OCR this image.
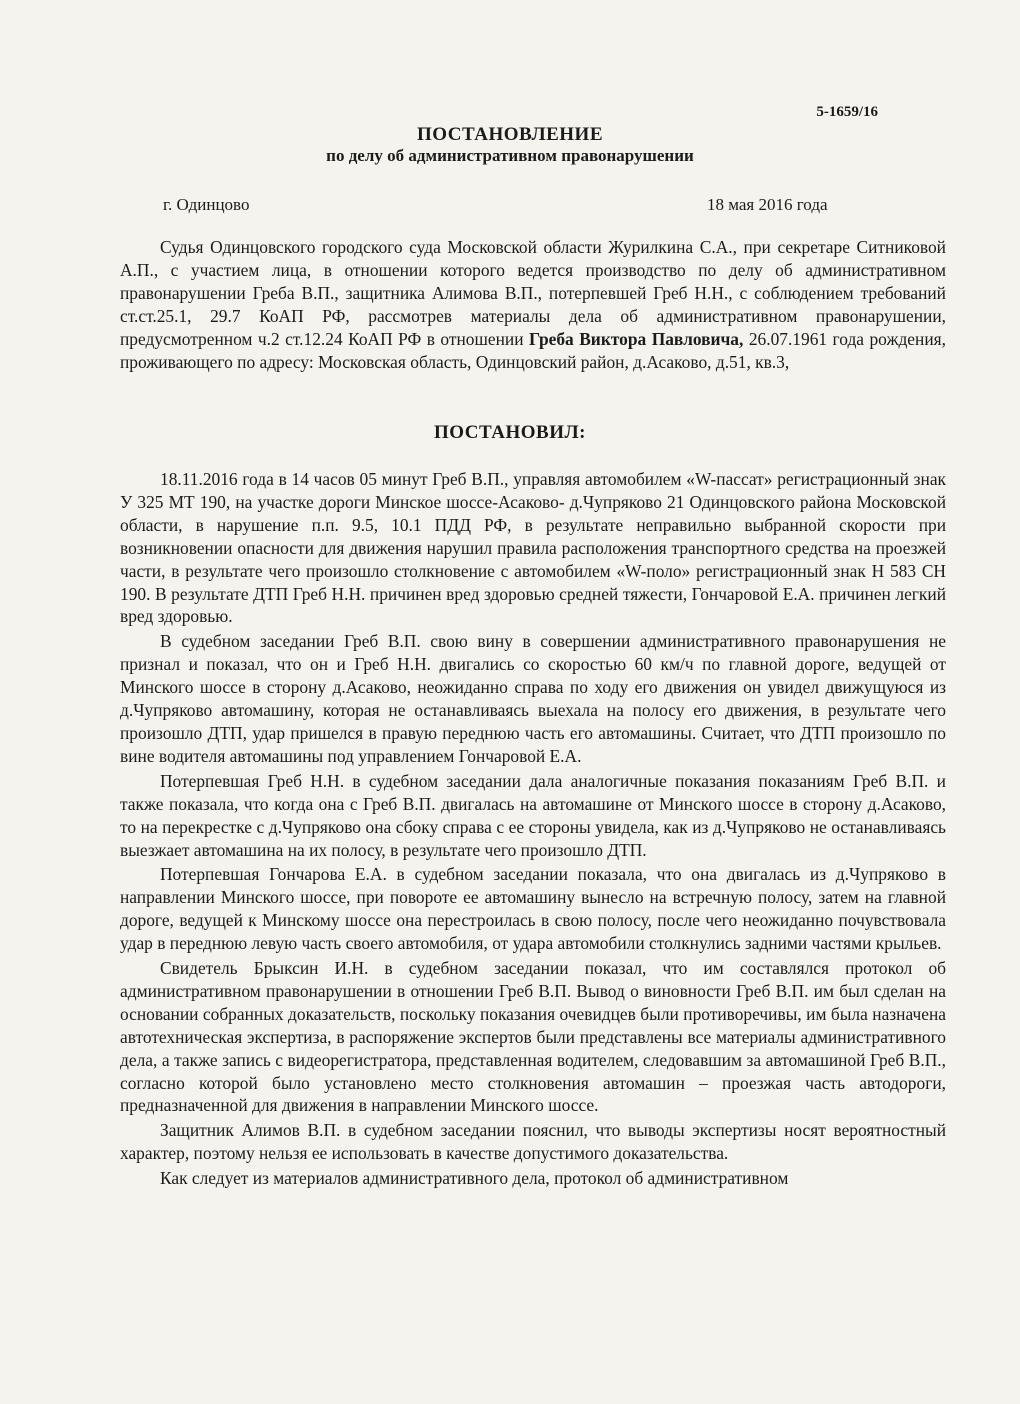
5-1659/16
ПОСТАНОВЛЕНИЕ
по делу об административном правонарушении
г. Одинцово	18 мая 2016 года

Судья Одинцовского городского суда Московской области Журилкина С.А., при секретаре Ситниковой А.П., с участием лица, в отношении которого ведется производство по делу об административном правонарушении Греба В.П., защитника Алимова В.П., потерпевшей Греб Н.Н., с соблюдением требований ст.ст.25.1, 29.7 КоАП РФ, рассмотрев материалы дела об административном правонарушении, предусмотренном ч.2 ст.12.24 КоАП РФ в отношении Греба Виктора Павловича, 26.07.1961 года рождения, проживающего по адресу: Московская область, Одинцовский район, д.Асаково, д.51, кв.3,

ПОСТАНОВИЛ:

18.11.2016 года в 14 часов 05 минут Греб В.П., управляя автомобилем «W-пассат» регистрационный знак У 325 МТ 190, на участке дороги Минское шоссе-Асаково- д.Чупряково 21 Одинцовского района Московской области, в нарушение п.п. 9.5, 10.1 ПДД РФ, в результате неправильно выбранной скорости при возникновении опасности для движения нарушил правила расположения транспортного средства на проезжей части, в результате чего произошло столкновение с автомобилем «W-поло» регистрационный знак Н 583 СН 190. В результате ДТП Греб Н.Н. причинен вред здоровью средней тяжести, Гончаровой Е.А. причинен легкий вред здоровью.

В судебном заседании Греб В.П. свою вину в совершении административного правонарушения не признал и показал, что он и Греб Н.Н. двигались со скоростью 60 км/ч по главной дороге, ведущей от Минского шоссе в сторону д.Асаково, неожиданно справа по ходу его движения он увидел движущуюся из д.Чупряково автомашину, которая не останавливаясь выехала на полосу его движения, в результате чего произошло ДТП, удар пришелся в правую переднюю часть его автомашины. Считает, что ДТП произошло по вине водителя автомашины под управлением Гончаровой Е.А.

Потерпевшая Греб Н.Н. в судебном заседании дала аналогичные показания показаниям Греб В.П. и также показала, что когда она с Греб В.П. двигалась на автомашине от Минского шоссе в сторону д.Асаково, то на перекрестке с д.Чупряково она сбоку справа с ее стороны увидела, как из д.Чупряково не останавливаясь выезжает автомашина на их полосу, в результате чего произошло ДТП.

Потерпевшая Гончарова Е.А. в судебном заседании показала, что она двигалась из д.Чупряково в направлении Минского шоссе, при повороте ее автомашину вынесло на встречную полосу, затем на главной дороге, ведущей к Минскому шоссе она перестроилась в свою полосу, после чего неожиданно почувствовала удар в переднюю левую часть своего автомобиля, от удара автомобили столкнулись задними частями крыльев.

Свидетель Брыксин И.Н. в судебном заседании показал, что им составлялся протокол об административном правонарушении в отношении Греб В.П. Вывод о виновности Греб В.П. им был сделан на основании собранных доказательств, поскольку показания очевидцев были противоречивы, им была назначена автотехническая экспертиза, в распоряжение экспертов были представлены все материалы административного дела, а также запись с видеорегистратора, представленная водителем, следовавшим за автомашиной Греб В.П., согласно которой было установлено место столкновения автомашин – проезжая часть автодороги, предназначенной для движения в направлении Минского шоссе.

Защитник Алимов В.П. в судебном заседании пояснил, что выводы экспертизы носят вероятностный характер, поэтому нельзя ее использовать в качестве допустимого доказательства.

Как следует из материалов административного дела, протокол об административном
